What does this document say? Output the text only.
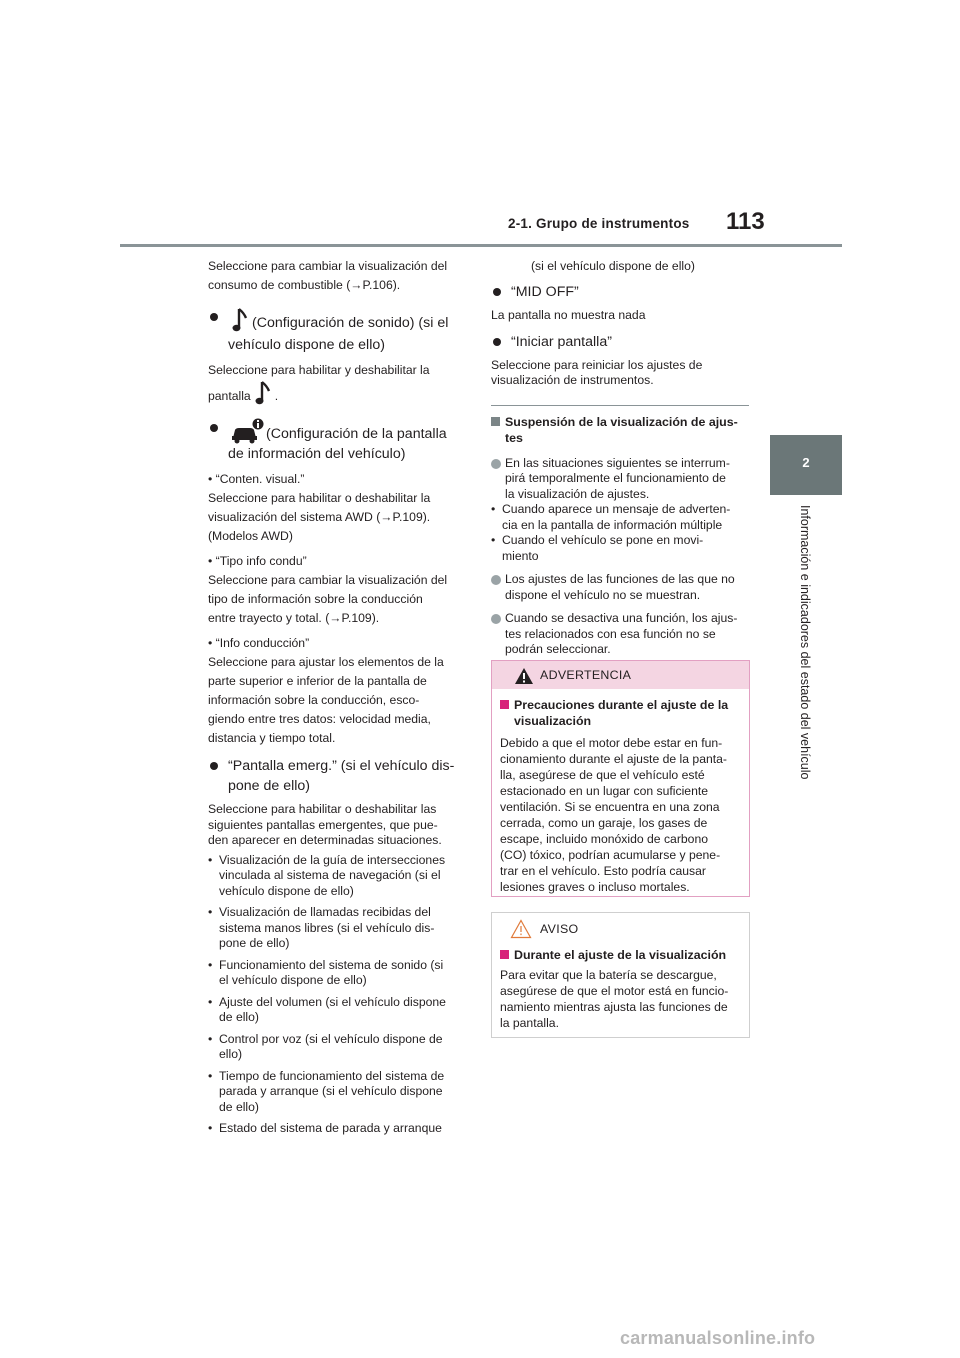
2-1. Grupo de instrumentos 113
2
Información e indicadores del estado del vehículo
Seleccione para cambiar la visualización del
consumo de combustible (→P.106).
(Configuración de sonido) (si el
vehículo dispone de ello)
Seleccione para habilitar y deshabilitar la
pantalla .
(Configuración de la pantalla
de información del vehículo)
• “Conten. visual.”
Seleccione para habilitar o deshabilitar la
visualización del sistema AWD (→P.109).
(Modelos AWD)
• “Tipo info condu”
Seleccione para cambiar la visualización del
tipo de información sobre la conducción
entre trayecto y total. (→P.109).
• “Info conducción”
Seleccione para ajustar los elementos de la
parte superior e inferior de la pantalla de
información sobre la conducción, esco-
giendo entre tres datos: velocidad media,
distancia y tiempo total.
“Pantalla emerg.” (si el vehículo dis-
pone de ello)
Seleccione para habilitar o deshabilitar las
siguientes pantallas emergentes, que pue-
den aparecer en determinadas situaciones.
• Visualización de la guía de intersecciones
vinculada al sistema de navegación (si el
vehículo dispone de ello)
• Visualización de llamadas recibidas del
sistema manos libres (si el vehículo dis-
pone de ello)
• Funcionamiento del sistema de sonido (si
el vehículo dispone de ello)
• Ajuste del volumen (si el vehículo dispone
de ello)
• Control por voz (si el vehículo dispone de
ello)
• Tiempo de funcionamiento del sistema de
parada y arranque (si el vehículo dispone
de ello)
• Estado del sistema de parada y arranque
(si el vehículo dispone de ello)
“MID OFF”
La pantalla no muestra nada
“Iniciar pantalla”
Seleccione para reiniciar los ajustes de
visualización de instrumentos.
Suspensión de la visualización de ajus-
tes
En las situaciones siguientes se interrum-
pirá temporalmente el funcionamiento de
la visualización de ajustes.
• Cuando aparece un mensaje de adverten-
cia en la pantalla de información múltiple
• Cuando el vehículo se pone en movi-
miento
Los ajustes de las funciones de las que no
dispone el vehículo no se muestran.
Cuando se desactiva una función, los ajus-
tes relacionados con esa función no se
podrán seleccionar.
ADVERTENCIA
Precauciones durante el ajuste de la
visualización
Debido a que el motor debe estar en fun-
cionamiento durante el ajuste de la panta-
lla, asegúrese de que el vehículo esté
estacionado en un lugar con suficiente
ventilación. Si se encuentra en una zona
cerrada, como un garaje, los gases de
escape, incluido monóxido de carbono
(CO) tóxico, podrían acumularse y pene-
trar en el vehículo. Esto podría causar
lesiones graves o incluso mortales.
AVISO
Durante el ajuste de la visualización
Para evitar que la batería se descargue,
asegúrese de que el motor está en funcio-
namiento mientras ajusta las funciones de
la pantalla.
carmanualsonline.info
